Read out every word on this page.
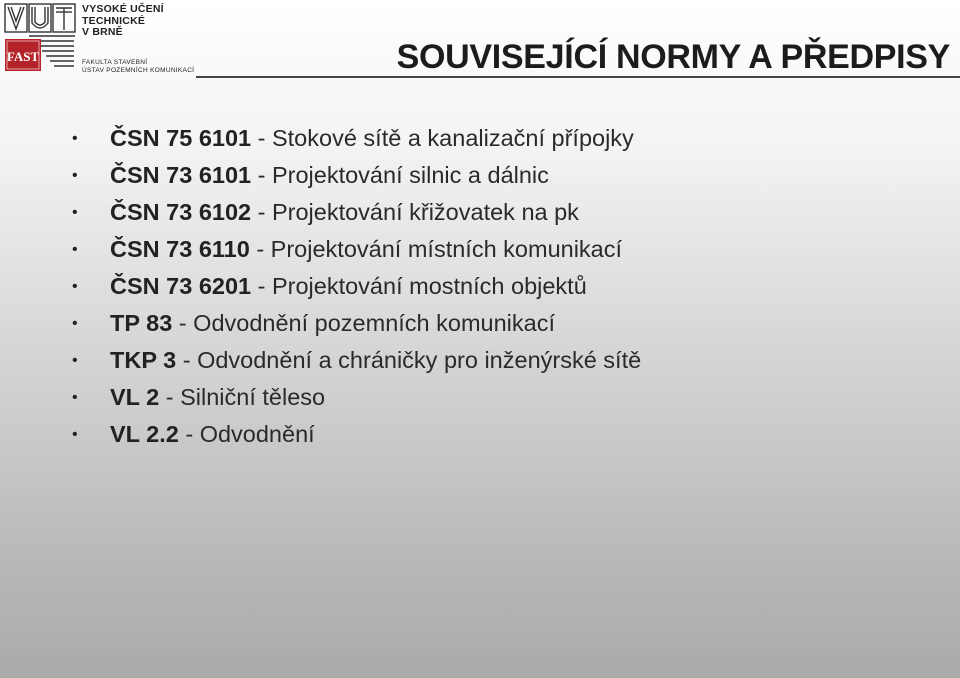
FAST
VYSOKÉ UČENÍ
TECHNICKÉ
V BRNĚ
FAKULTA STAVEBNÍ
ÚSTAV POZEMNÍCH KOMUNIKACÍ	SOUVISEJÍCÍ NORMY A PŘEDPISY
• ČSN 75 6101 - Stokové sítě a kanalizační přípojky
• ČSN 73 6101 - Projektování silnic a dálnic
• ČSN 73 6102 - Projektování křižovatek na pk
• ČSN 73 6110 - Projektování místních komunikací
• ČSN 73 6201 - Projektování mostních objektů
• TP 83 - Odvodnění pozemních komunikací
• TKP 3 - Odvodnění a chráničky pro inženýrské sítě
• VL 2 - Silniční těleso
• VL 2.2 - Odvodnění
